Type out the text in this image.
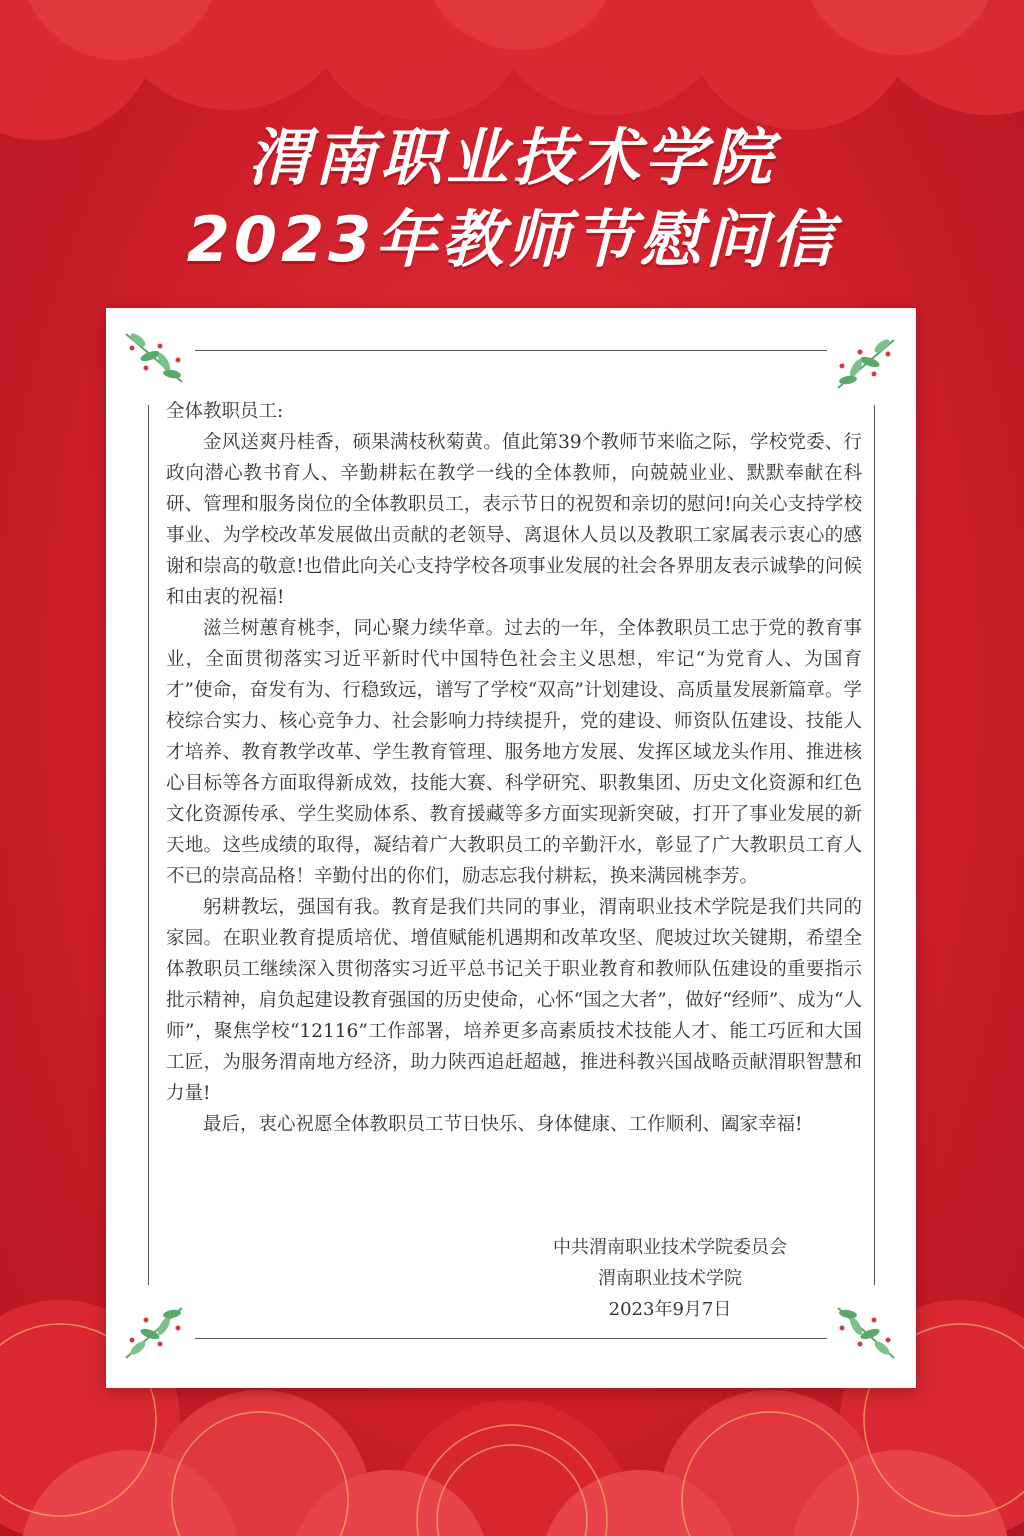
渭南职业技术学院
2023年教师节慰问信

全体教职员工:

金风送爽丹桂香，硕果满枝秋菊黄。值此第39个教师节来临之际，学校党委、行政向潜心教书育人、辛勤耕耘在教学一线的全体教师，向兢兢业业、默默奉献在科研、管理和服务岗位的全体教职员工，表示节日的祝贺和亲切的慰问!向关心支持学校事业、为学校改革发展做出贡献的老领导、离退休人员以及教职工家属表示衷心的感谢和崇高的敬意!也借此向关心支持学校各项事业发展的社会各界朋友表示诚挚的问候和由衷的祝福!

滋兰树蕙育桃李，同心聚力续华章。过去的一年，全体教职员工忠于党的教育事业，全面贯彻落实习近平新时代中国特色社会主义思想，牢记“为党育人、为国育才”使命，奋发有为、行稳致远，谱写了学校“双高”计划建设、高质量发展新篇章。学校综合实力、核心竞争力、社会影响力持续提升，党的建设、师资队伍建设、技能人才培养、教育教学改革、学生教育管理、服务地方发展、发挥区域龙头作用、推进核心目标等各方面取得新成效，技能大赛、科学研究、职教集团、历史文化资源和红色文化资源传承、学生奖励体系、教育援藏等多方面实现新突破，打开了事业发展的新天地。这些成绩的取得，凝结着广大教职员工的辛勤汗水，彰显了广大教职员工育人不已的崇高品格！辛勤付出的你们，励志忘我付耕耘，换来满园桃李芳。

躬耕教坛，强国有我。教育是我们共同的事业，渭南职业技术学院是我们共同的家园。在职业教育提质培优、增值赋能机遇期和改革攻坚、爬坡过坎关键期，希望全体教职员工继续深入贯彻落实习近平总书记关于职业教育和教师队伍建设的重要指示批示精神，肩负起建设教育强国的历史使命，心怀“国之大者”，做好“经师”、成为“人师”，聚焦学校“12116”工作部署，培养更多高素质技术技能人才、能工巧匠和大国工匠，为服务渭南地方经济，助力陕西追赶超越，推进科教兴国战略贡献渭职智慧和力量!

最后，衷心祝愿全体教职员工节日快乐、身体健康、工作顺利、阖家幸福!

中共渭南职业技术学院委员会
渭南职业技术学院
2023年9月7日
